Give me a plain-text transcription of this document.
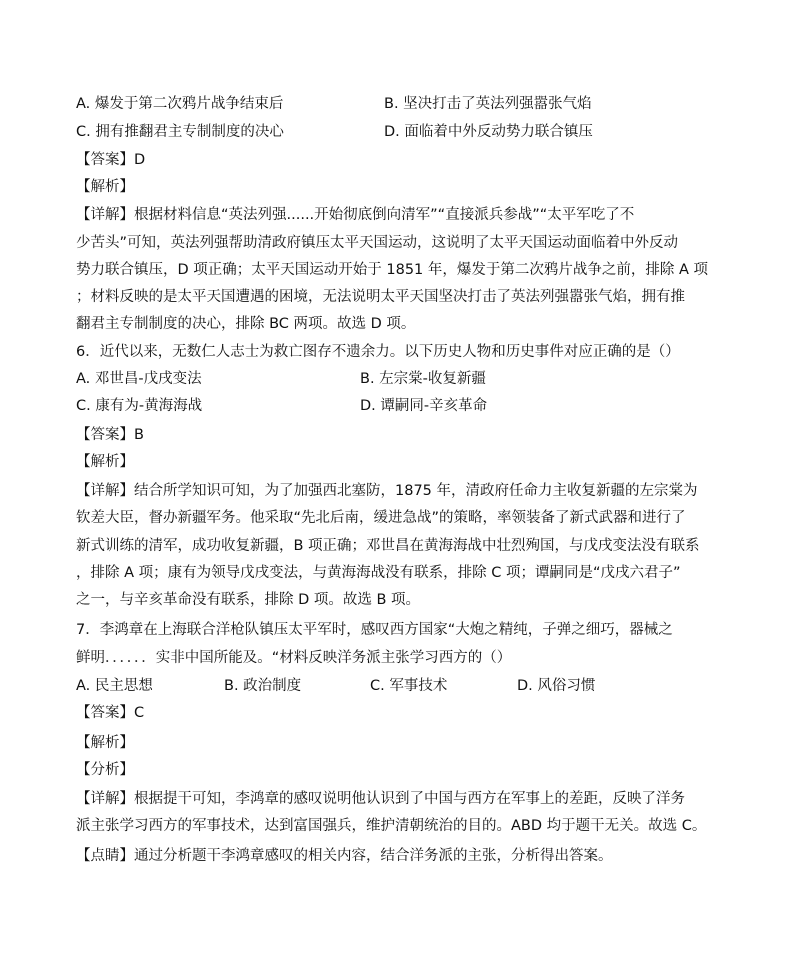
A. 爆发于第二次鸦片战争结束后	B. 坚决打击了英法列强嚣张气焰
C. 拥有推翻君主专制制度的决心	D. 面临着中外反动势力联合镇压
【答案】D
【解析】
【详解】根据材料信息“英法列强......开始彻底倒向清军”“直接派兵参战”“太平军吃了不
少苦头”可知，英法列强帮助清政府镇压太平天国运动，这说明了太平天国运动面临着中外反动
势力联合镇压，D 项正确；太平天国运动开始于 1851 年，爆发于第二次鸦片战争之前，排除 A 项
；材料反映的是太平天国遭遇的困境，无法说明太平天国坚决打击了英法列强嚣张气焰，拥有推
翻君主专制制度的决心，排除 BC 两项。故选 D 项。
6．近代以来，无数仁人志士为救亡图存不遗余力。以下历史人物和历史事件对应正确的是（）
A. 邓世昌-戊戌变法	B. 左宗棠-收复新疆
C. 康有为-黄海海战	D. 谭嗣同-辛亥革命
【答案】B
【解析】
【详解】结合所学知识可知，为了加强西北塞防，1875 年，清政府任命力主收复新疆的左宗棠为
钦差大臣，督办新疆军务。他采取“先北后南，缓进急战”的策略，率领装备了新式武器和进行了
新式训练的清军，成功收复新疆，B 项正确；邓世昌在黄海海战中壮烈殉国，与戊戌变法没有联系
，排除 A 项；康有为领导戊戌变法，与黄海海战没有联系，排除 C 项；谭嗣同是“戊戌六君子”
之一，与辛亥革命没有联系，排除 D 项。故选 B 项。
7．李鸿章在上海联合洋枪队镇压太平军时，感叹西方国家“大炮之精纯，子弹之细巧，器械之
鲜明．．．．．．实非中国所能及。“材料反映洋务派主张学习西方的（）
A. 民主思想	B. 政治制度	C. 军事技术	D. 风俗习惯
【答案】C
【解析】
【分析】
【详解】根据提干可知，李鸿章的感叹说明他认识到了中国与西方在军事上的差距，反映了洋务
派主张学习西方的军事技术，达到富国强兵，维护清朝统治的目的。ABD 均于题干无关。故选 C。
【点睛】通过分析题干李鸿章感叹的相关内容，结合洋务派的主张，分析得出答案。
